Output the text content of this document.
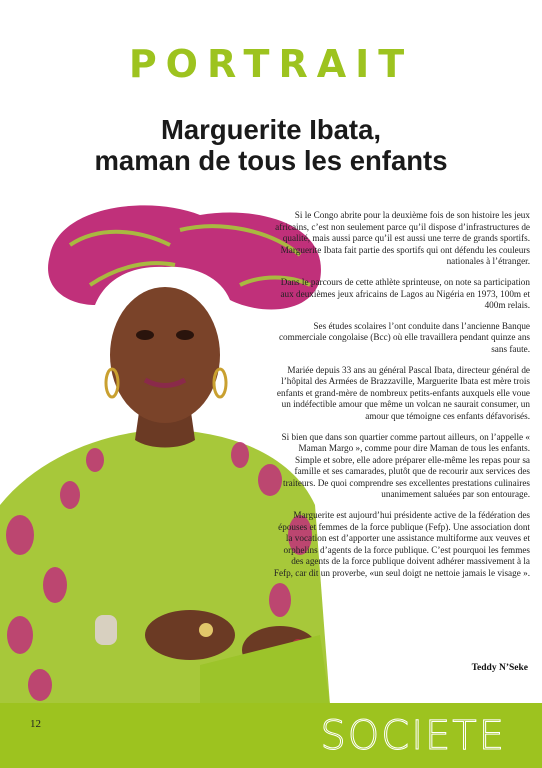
PORTRAIT
Marguerite Ibata,
maman de tous les enfants

Si le Congo abrite pour la deuxième fois de son histoire les jeux africains, c’est non seulement parce qu’il dispose d’infrastructures de qualité, mais aussi parce qu’il est aussi une terre de grands sportifs. Marguerite Ibata fait partie des sportifs qui ont défendu les couleurs nationales à l’étranger.

Dans le parcours de cette athlète sprinteuse, on note sa participation aux deuxièmes jeux africains de Lagos au Nigéria en 1973, 100m et 400m relais.

Ses études scolaires l’ont conduite dans l’ancienne Banque commerciale congolaise (Bcc) où elle travaillera pendant quinze ans sans faute.

Mariée depuis 33 ans au général Pascal Ibata, directeur général de l’hôpital des Armées de Brazzaville, Marguerite Ibata est mère trois enfants et grand-mère de nombreux petits-enfants auxquels elle voue un indéfectible amour que même un volcan ne saurait consumer, un amour que témoigne ces enfants défavorisés.

Si bien que dans son quartier comme partout ailleurs, on l’appelle « Maman Margo », comme pour dire Maman de tous les enfants. Simple et sobre, elle adore préparer elle-même les repas pour sa famille et ses camarades, plutôt que de recourir aux services des traiteurs. De quoi comprendre ses excellentes prestations culinaires unanimement saluées par son entourage.

Marguerite est aujourd’hui présidente active de la fédération des épouses et femmes de la force publique (Fefp). Une association dont la vocation est d’apporter une assistance multiforme aux veuves et orphelins d’agents de la force publique. C’est pourquoi les femmes des agents de la force publique doivent adhérer massivement à la Fefp, car dit un proverbe, «un seul doigt ne nettoie jamais le visage ».

Teddy N’Seke
12	SOCIETE
